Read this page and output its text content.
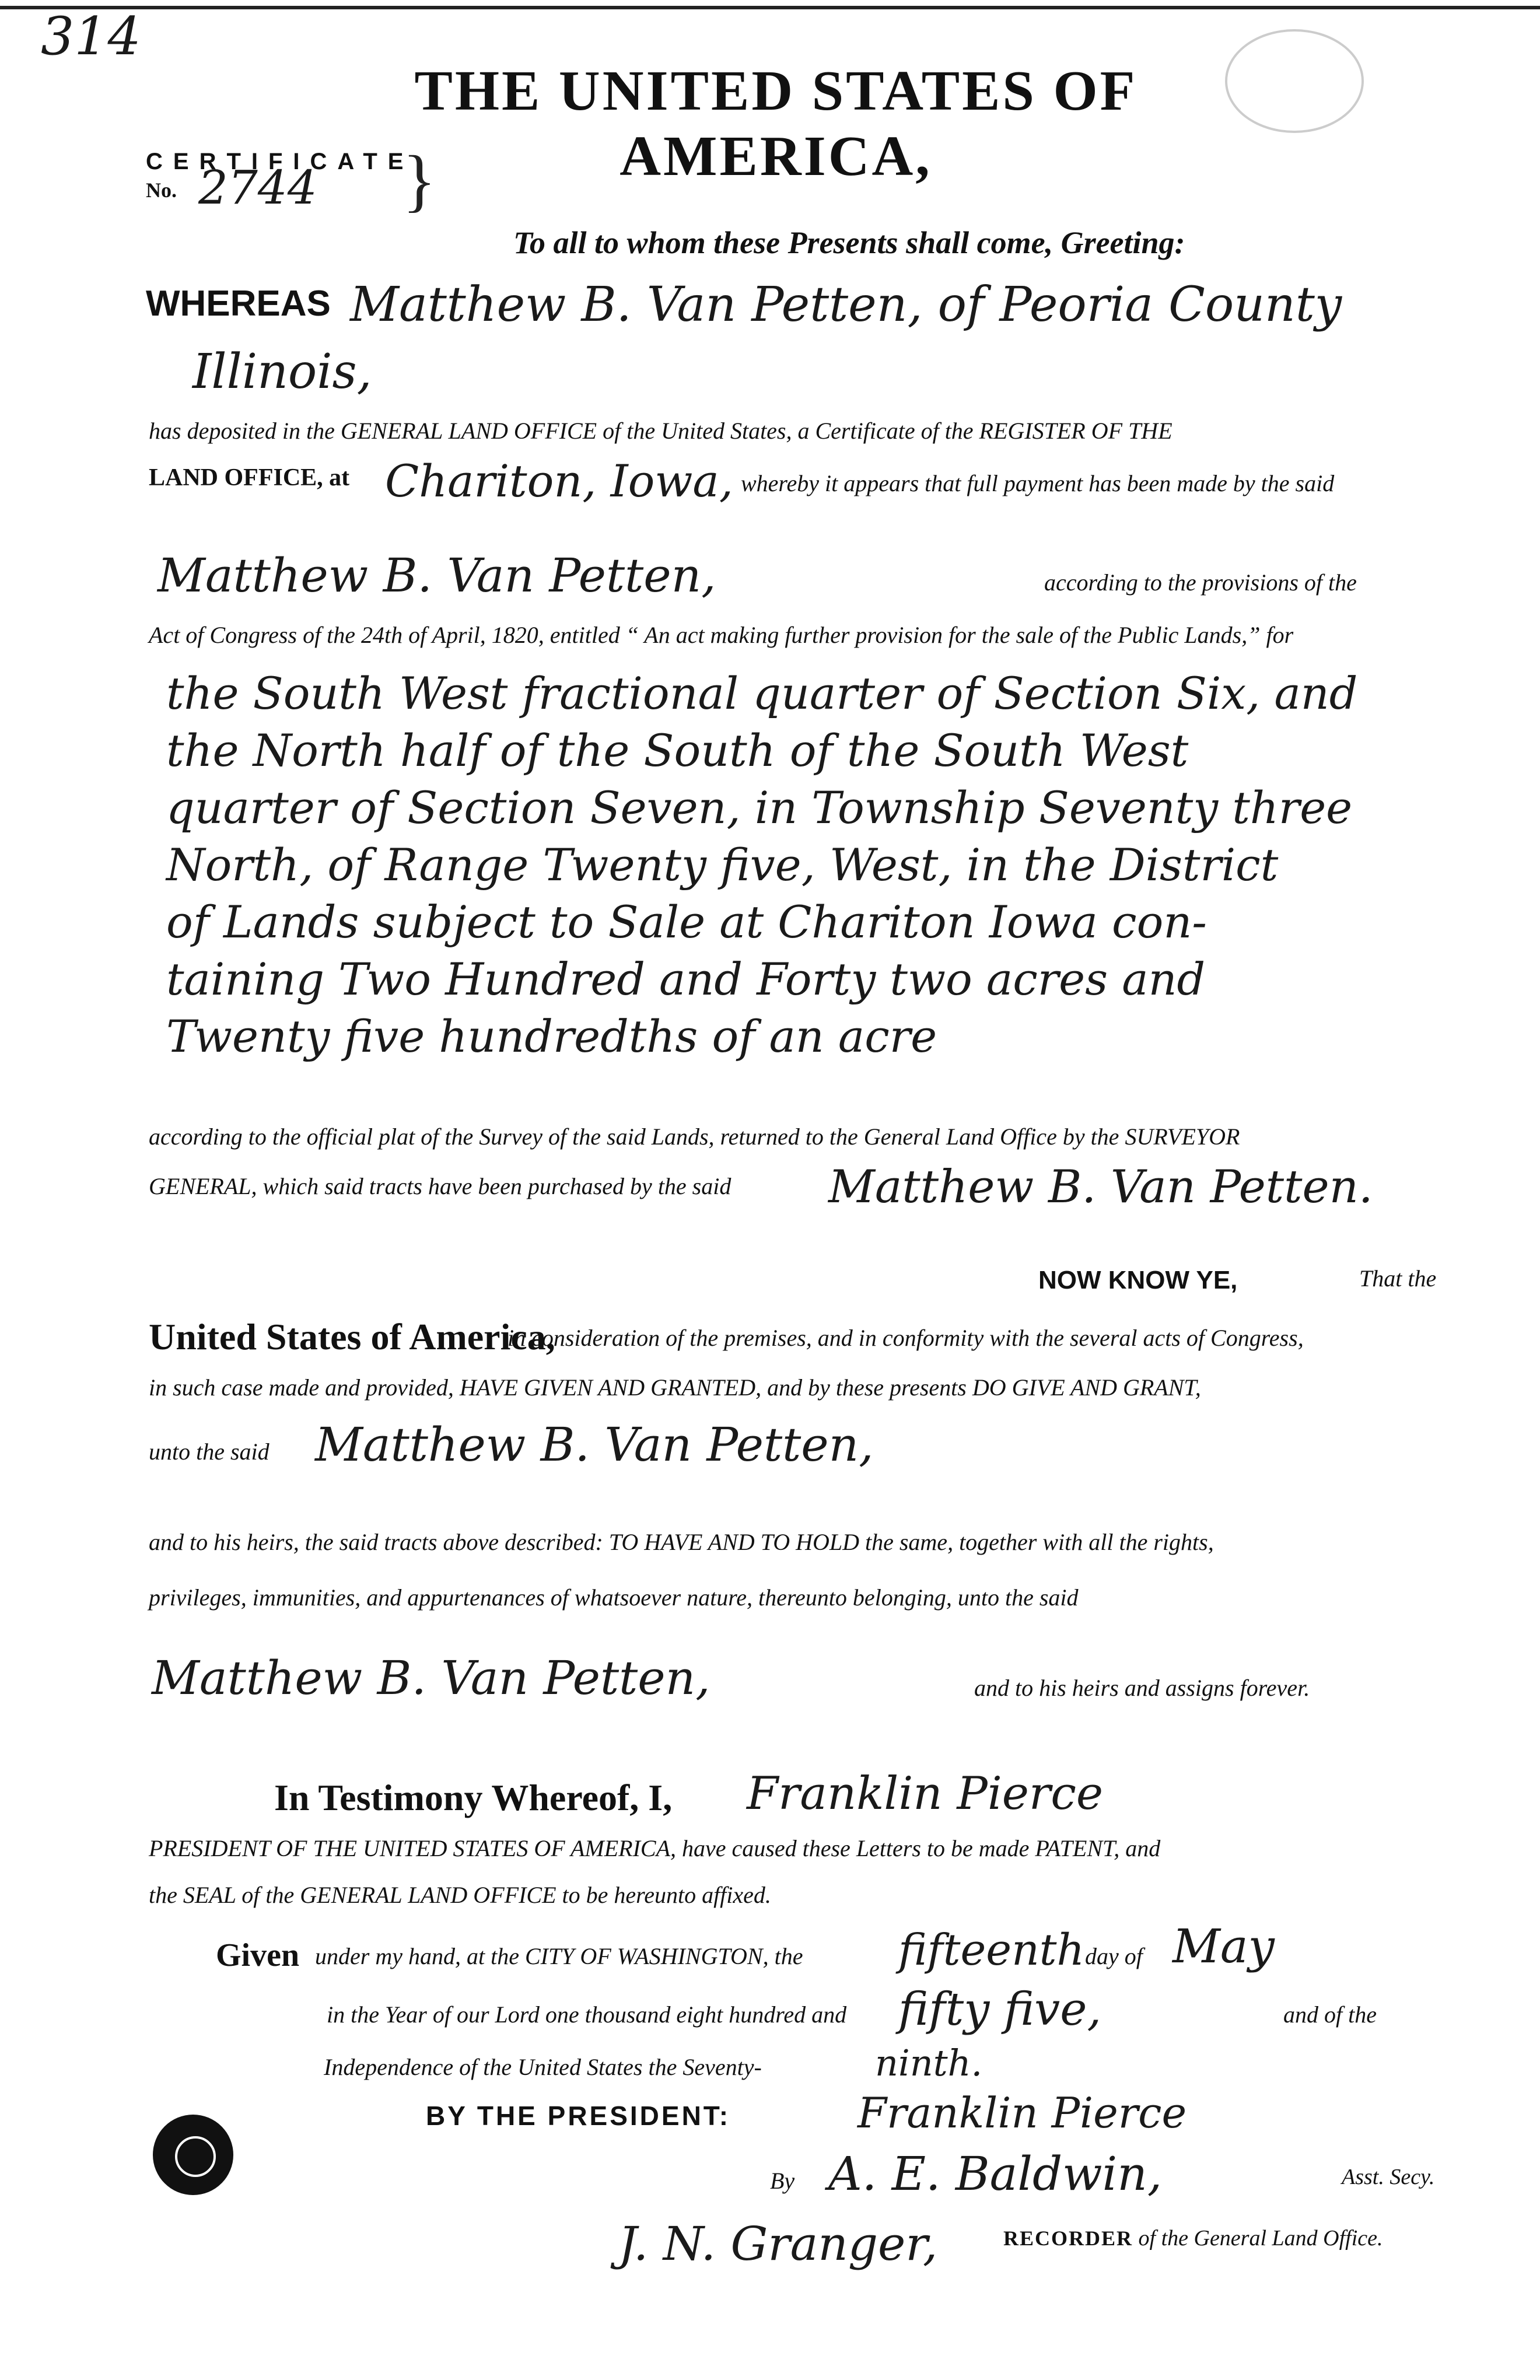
314
THE UNITED STATES OF AMERICA,
CERTIFICATE
No. 2744 }
To all to whom these Presents shall come, Greeting:
WHEREAS Matthew B. Van Petten, of Peoria County
Illinois,
has deposited in the GENERAL LAND OFFICE of the United States, a Certificate of the REGISTER OF THE
LAND OFFICE, at Chariton, Iowa, whereby it appears that full payment has been made by the said
Matthew B. Van Petten,	according to the provisions of the
Act of Congress of the 24th of April, 1820, entitled “ An act making further provision for the sale of the Public Lands,” for
the South West fractional quarter of Section Six, and
the North half of the South of the South West
quarter of Section Seven, in Township Seventy three
North, of Range Twenty five, West, in the District
of Lands subject to Sale at Chariton Iowa con-
taining Two Hundred and Forty two acres and
Twenty five hundredths of an acre
according to the official plat of the Survey of the said Lands, returned to the General Land Office by the SURVEYOR
GENERAL, which said tracts have been purchased by the said Matthew B. Van Petten.
NOW KNOW YE,	That the
United States of America,
in consideration of the premises, and in conformity with the several acts of Congress,
in such case made and provided, HAVE GIVEN AND GRANTED, and by these presents DO GIVE AND GRANT,
unto the said Matthew B. Van Petten,
and to his heirs, the said tracts above described: TO HAVE AND TO HOLD the same, together with all the rights,
privileges, immunities, and appurtenances of whatsoever nature, thereunto belonging, unto the said
Matthew B. Van Petten,	and to his heirs and assigns forever.
In Testimony Whereof, I, Franklin Pierce
PRESIDENT OF THE UNITED STATES OF AMERICA, have caused these Letters to be made PATENT, and
the SEAL of the GENERAL LAND OFFICE to be hereunto affixed.
Given under my hand, at the CITY OF WASHINGTON, the fifteenth day of May
in the Year of our Lord one thousand eight hundred and fifty five,	and of the
Independence of the United States the Seventy-	ninth.
BY THE PRESIDENT:	Franklin Pierce
By A. E. Baldwin,	Asst. Secy.
J. N. Granger,	RECORDER of the General Land Office.
